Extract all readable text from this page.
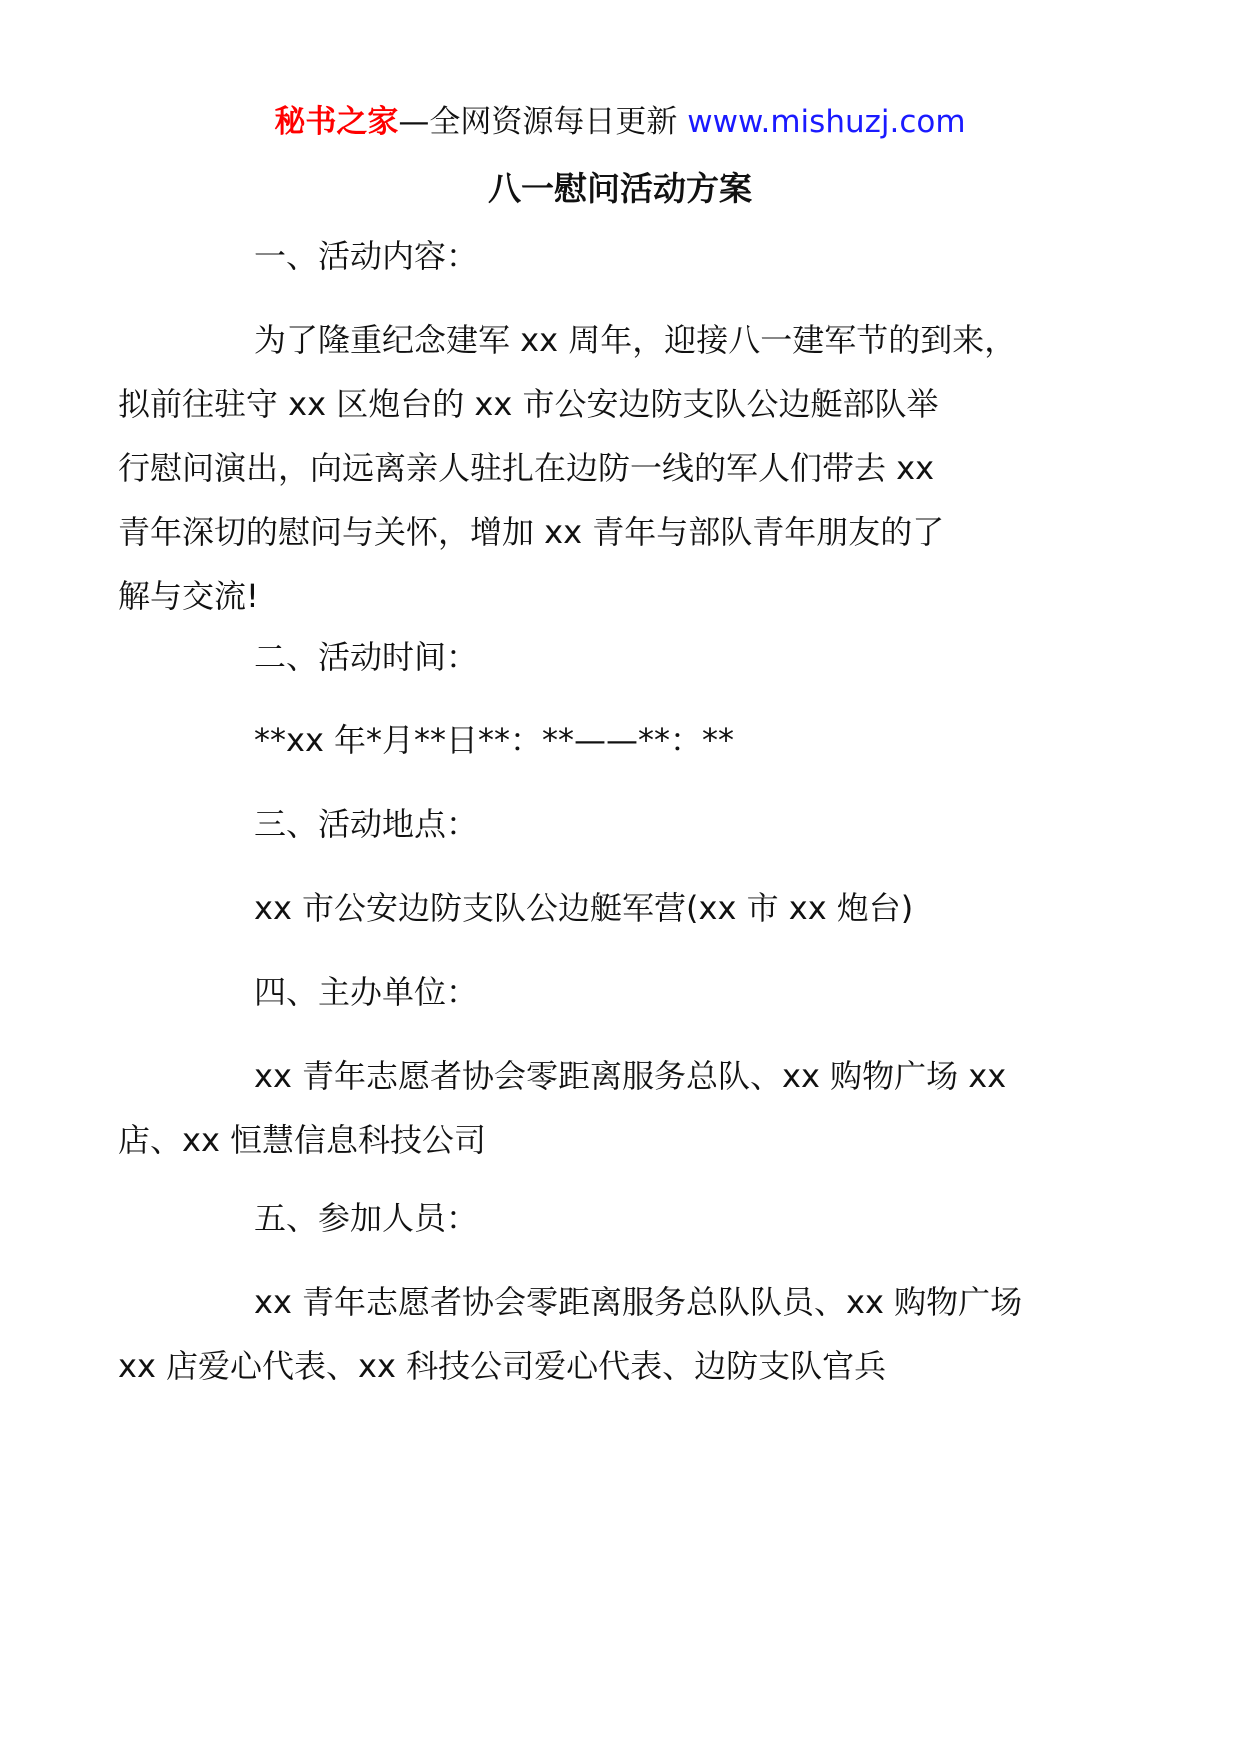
秘书之家—全网资源每日更新 www.mishuzj.com
八一慰问活动方案

一、活动内容：

为了隆重纪念建军 xx 周年，迎接八一建军节的到来，
拟前往驻守 xx 区炮台的 xx 市公安边防支队公边艇部队举
行慰问演出，向远离亲人驻扎在边防一线的军人们带去 xx
青年深切的慰问与关怀，增加 xx 青年与部队青年朋友的了
解与交流!

二、活动时间：

**xx 年*月**日**：**——**：**

三、活动地点：

xx 市公安边防支队公边艇军营(xx 市 xx 炮台)

四、主办单位：

xx 青年志愿者协会零距离服务总队、xx 购物广场 xx
店、xx 恒慧信息科技公司

五、参加人员：

xx 青年志愿者协会零距离服务总队队员、xx 购物广场
xx 店爱心代表、xx 科技公司爱心代表、边防支队官兵
